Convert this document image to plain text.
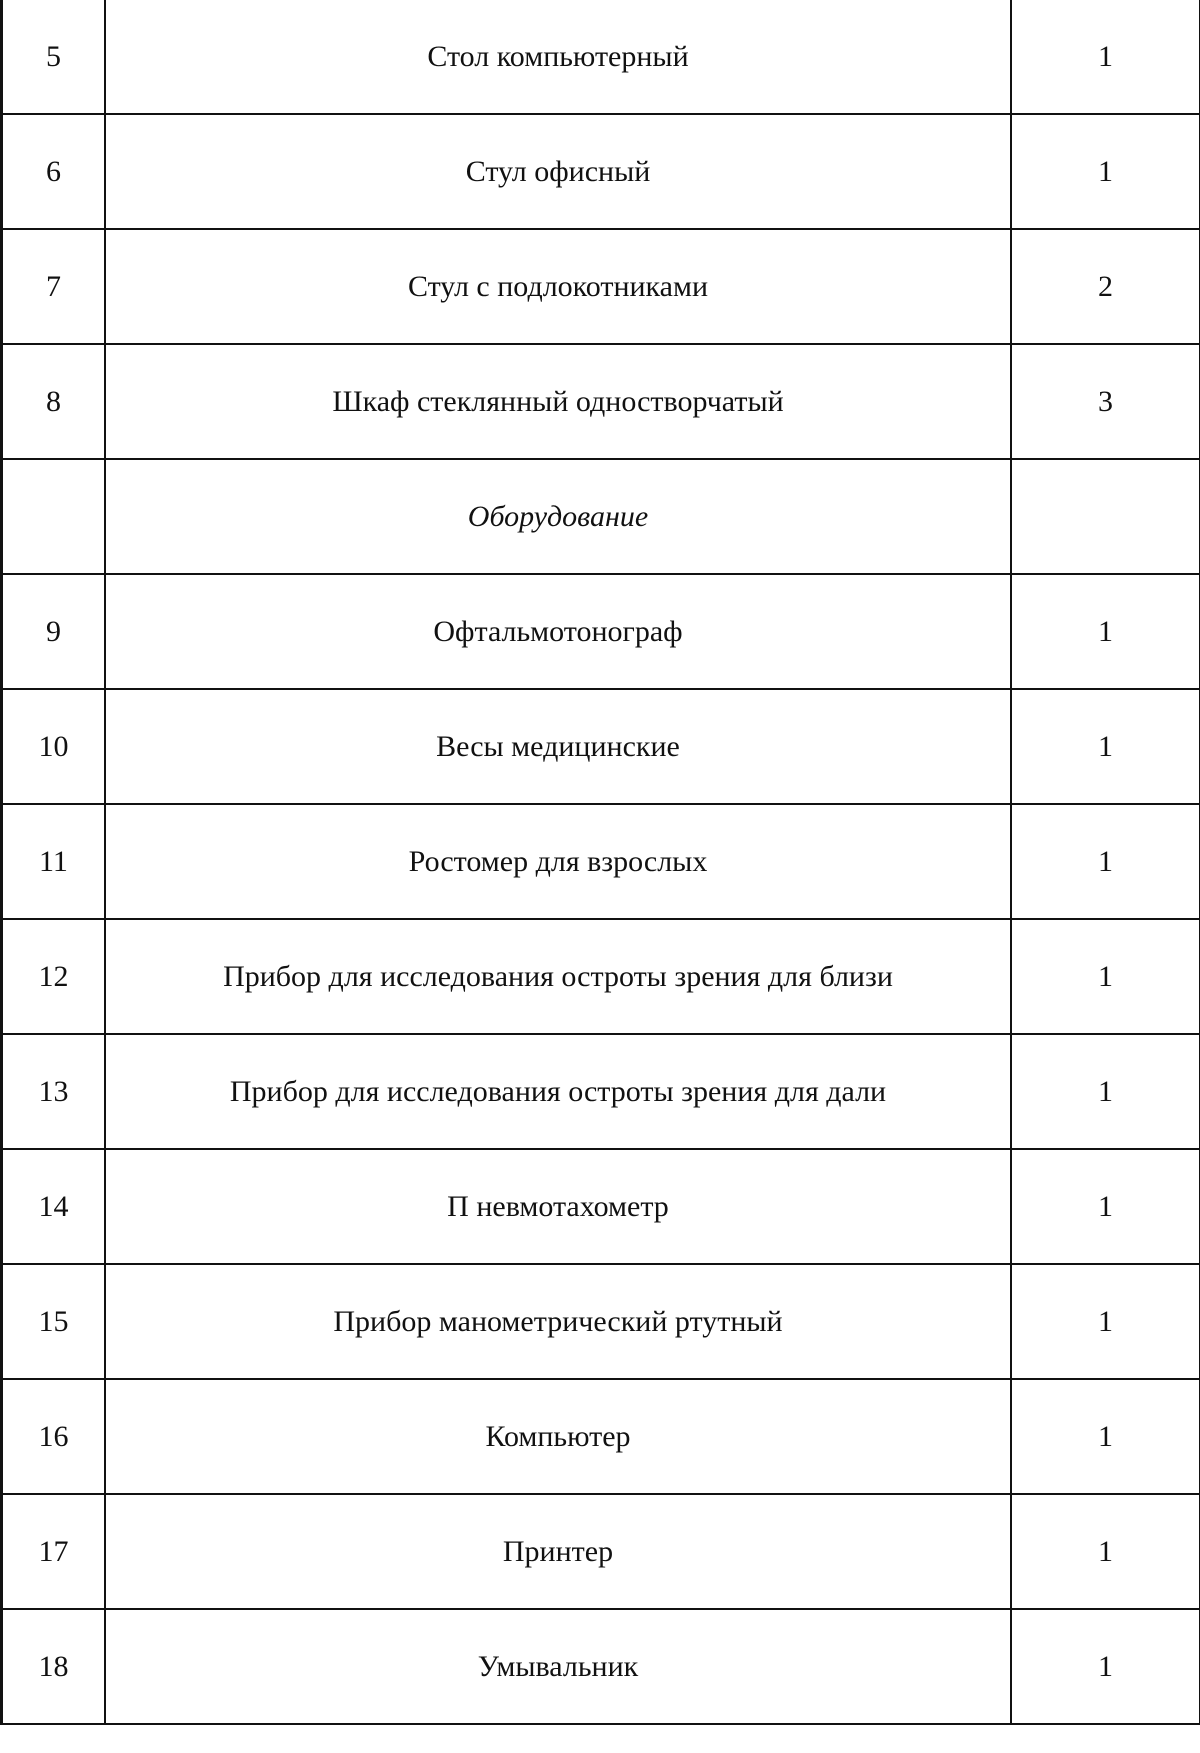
5	Стол компьютерный	1
6	Стул офисный	1
7	Стул с подлокотниками	2
8	Шкаф стеклянный одностворчатый	3
	Оборудование	
9	Офтальмотонограф	1
10	Весы медицинские	1
11	Ростомер для взрослых	1
12	Прибор для исследования остроты зрения для близи	1
13	Прибор для исследования остроты зрения для дали	1
14	П невмотахометр	1
15	Прибор манометрический ртутный	1
16	Компьютер	1
17	Принтер	1
18	Умывальник	1
